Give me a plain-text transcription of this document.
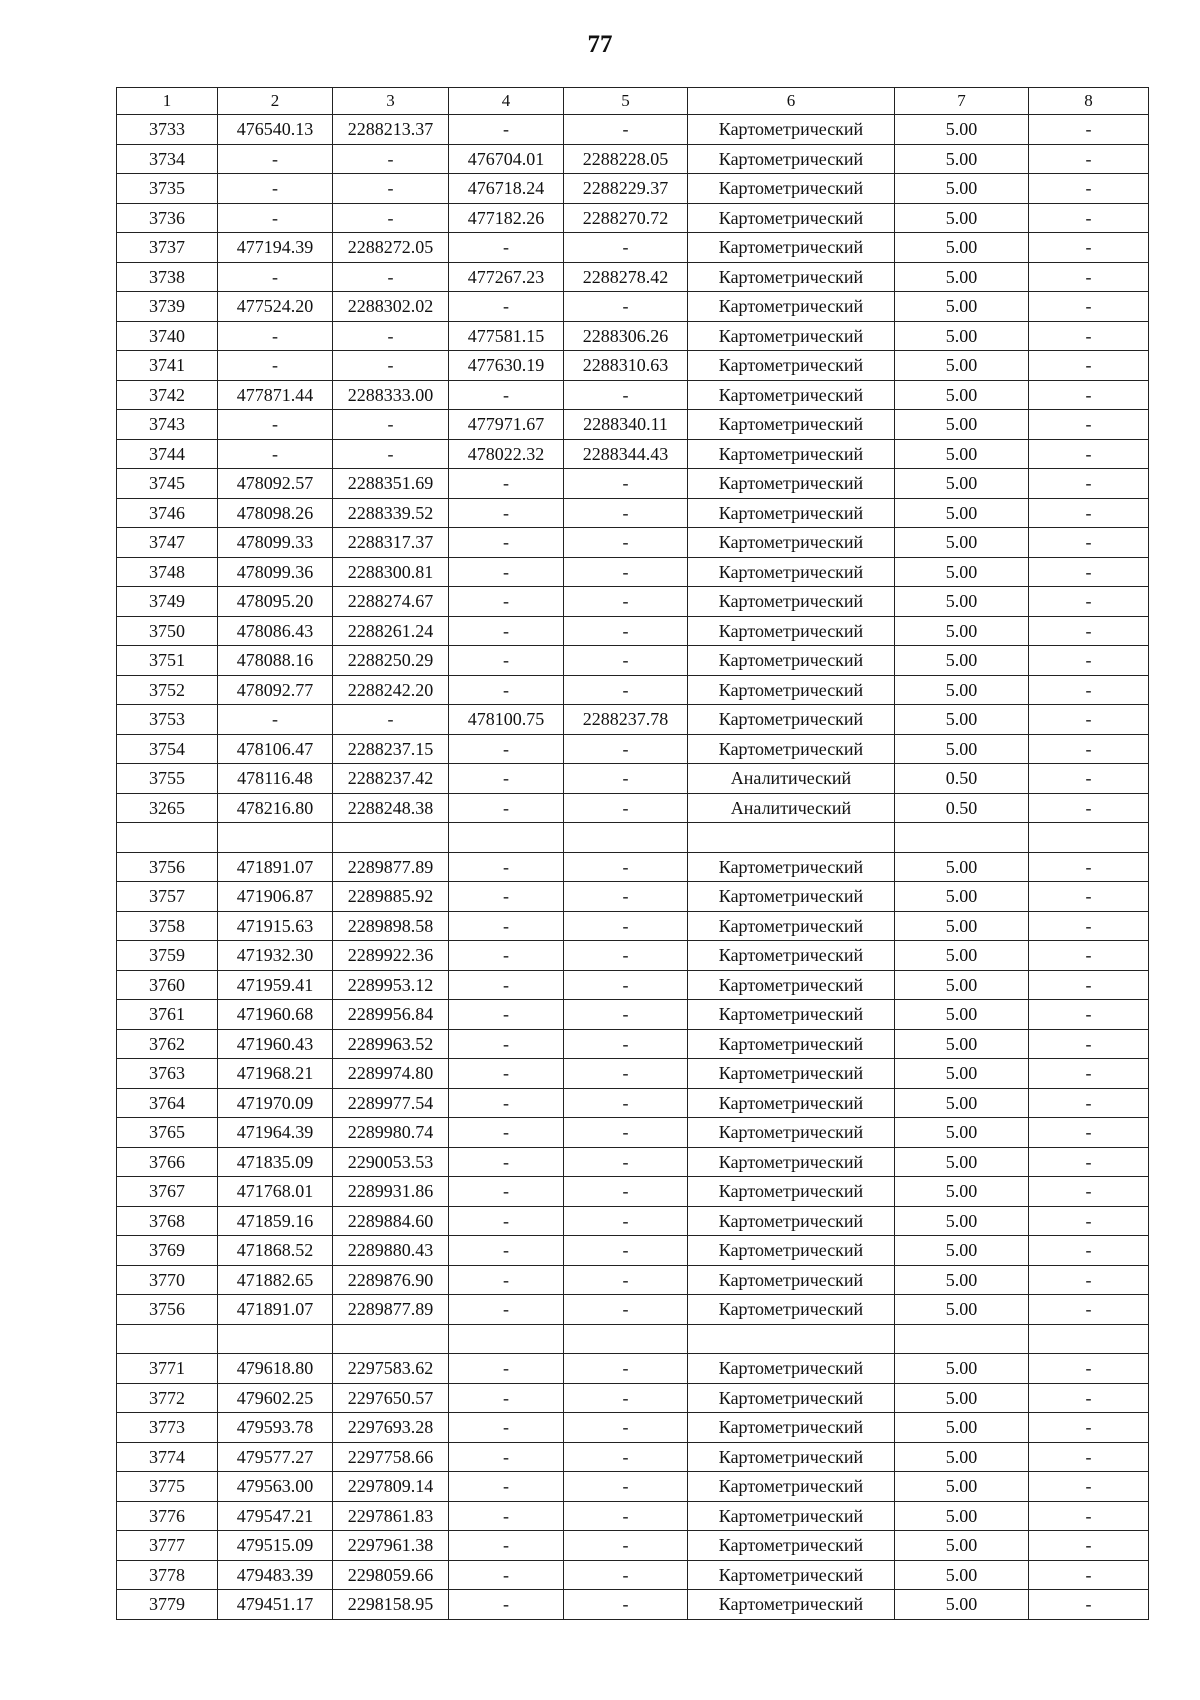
77
1	2	3	4	5	6	7	8
3733	476540.13	2288213.37	-	-	Картометрический	5.00	-
3734	-	-	476704.01	2288228.05	Картометрический	5.00	-
3735	-	-	476718.24	2288229.37	Картометрический	5.00	-
3736	-	-	477182.26	2288270.72	Картометрический	5.00	-
3737	477194.39	2288272.05	-	-	Картометрический	5.00	-
3738	-	-	477267.23	2288278.42	Картометрический	5.00	-
3739	477524.20	2288302.02	-	-	Картометрический	5.00	-
3740	-	-	477581.15	2288306.26	Картометрический	5.00	-
3741	-	-	477630.19	2288310.63	Картометрический	5.00	-
3742	477871.44	2288333.00	-	-	Картометрический	5.00	-
3743	-	-	477971.67	2288340.11	Картометрический	5.00	-
3744	-	-	478022.32	2288344.43	Картометрический	5.00	-
3745	478092.57	2288351.69	-	-	Картометрический	5.00	-
3746	478098.26	2288339.52	-	-	Картометрический	5.00	-
3747	478099.33	2288317.37	-	-	Картометрический	5.00	-
3748	478099.36	2288300.81	-	-	Картометрический	5.00	-
3749	478095.20	2288274.67	-	-	Картометрический	5.00	-
3750	478086.43	2288261.24	-	-	Картометрический	5.00	-
3751	478088.16	2288250.29	-	-	Картометрический	5.00	-
3752	478092.77	2288242.20	-	-	Картометрический	5.00	-
3753	-	-	478100.75	2288237.78	Картометрический	5.00	-
3754	478106.47	2288237.15	-	-	Картометрический	5.00	-
3755	478116.48	2288237.42	-	-	Аналитический	0.50	-
3265	478216.80	2288248.38	-	-	Аналитический	0.50	-

3756	471891.07	2289877.89	-	-	Картометрический	5.00	-
3757	471906.87	2289885.92	-	-	Картометрический	5.00	-
3758	471915.63	2289898.58	-	-	Картометрический	5.00	-
3759	471932.30	2289922.36	-	-	Картометрический	5.00	-
3760	471959.41	2289953.12	-	-	Картометрический	5.00	-
3761	471960.68	2289956.84	-	-	Картометрический	5.00	-
3762	471960.43	2289963.52	-	-	Картометрический	5.00	-
3763	471968.21	2289974.80	-	-	Картометрический	5.00	-
3764	471970.09	2289977.54	-	-	Картометрический	5.00	-
3765	471964.39	2289980.74	-	-	Картометрический	5.00	-
3766	471835.09	2290053.53	-	-	Картометрический	5.00	-
3767	471768.01	2289931.86	-	-	Картометрический	5.00	-
3768	471859.16	2289884.60	-	-	Картометрический	5.00	-
3769	471868.52	2289880.43	-	-	Картометрический	5.00	-
3770	471882.65	2289876.90	-	-	Картометрический	5.00	-
3756	471891.07	2289877.89	-	-	Картометрический	5.00	-

3771	479618.80	2297583.62	-	-	Картометрический	5.00	-
3772	479602.25	2297650.57	-	-	Картометрический	5.00	-
3773	479593.78	2297693.28	-	-	Картометрический	5.00	-
3774	479577.27	2297758.66	-	-	Картометрический	5.00	-
3775	479563.00	2297809.14	-	-	Картометрический	5.00	-
3776	479547.21	2297861.83	-	-	Картометрический	5.00	-
3777	479515.09	2297961.38	-	-	Картометрический	5.00	-
3778	479483.39	2298059.66	-	-	Картометрический	5.00	-
3779	479451.17	2298158.95	-	-	Картометрический	5.00	-
